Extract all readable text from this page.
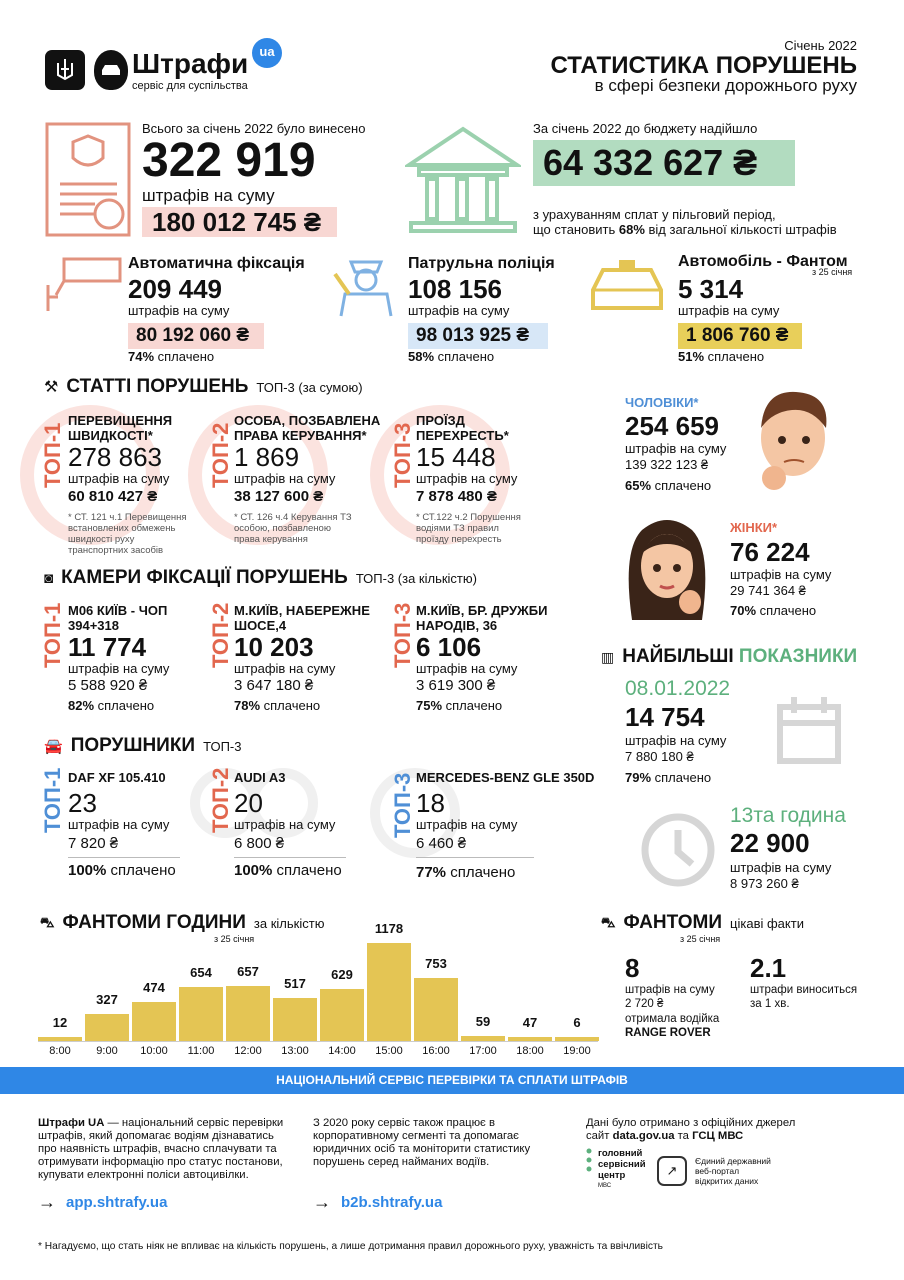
Штрафи ua
сервіс для суспільства
Січень 2022
СТАТИСТИКА ПОРУШЕНЬ
в сфері безпеки дорожнього руху
Всього за січень 2022 було винесено
322 919
штрафів на суму
180 012 745 ₴
За січень 2022 до бюджету надійшло
64 332 627 ₴
з урахуванням сплат у пільговий період,
що становить 68% від загальної кількості штрафів
Автоматична фіксація
209 449
штрафів на суму
80 192 060 ₴
74% сплачено
Патрульна поліція
108 156
штрафів на суму
98 013 925 ₴
58% сплачено
Автомобіль - Фантом
з 25 січня
5 314
штрафів на суму
1 806 760 ₴
51% сплачено
⚒ СТАТТІ ПОРУШЕНЬ ТОП-3 (за сумою)
ТОП-1
ПЕРЕВИЩЕННЯ
ШВИДКОСТІ*
278 863
штрафів на суму
60 810 427 ₴
* СТ. 121 ч.1 Перевищення
встановлених обмежень
швидкості руху
транспортних засобів
ТОП-2
ОСОБА, ПОЗБАВЛЕНА
ПРАВА КЕРУВАННЯ*
1 869
штрафів на суму
38 127 600 ₴
* СТ. 126 ч.4 Керування ТЗ
особою, позбавленою
права керування
ТОП-3
ПРОЇЗД
ПЕРЕХРЕСТЬ*
15 448
штрафів на суму
7 878 480 ₴
* СТ.122 ч.2 Порушення
водіями ТЗ правил
проїзду перехресть
◙ КАМЕРИ ФІКСАЦІЇ ПОРУШЕНЬ ТОП-3 (за кількістю)
ТОП-1 М06 КИЇВ - ЧОП
394+318
11 774
штрафів на суму
5 588 920 ₴
82% сплачено
ТОП-2 М.КИЇВ, НАБЕРЕЖНЕ
ШОСЕ,4
10 203
штрафів на суму
3 647 180 ₴
78% сплачено
ТОП-3 М.КИЇВ, БР. ДРУЖБИ
НАРОДІВ, 36
6 106
штрафів на суму
3 619 300 ₴
75% сплачено
🚘 ПОРУШНИКИ ТОП-3
ТОП-1 DAF XF 105.410
23
штрафів на суму
7 820 ₴
100% сплачено
ТОП-2 AUDI A3
20
штрафів на суму
6 800 ₴
100% сплачено
ТОП-3 MERCEDES-BENZ GLE 350D
18
штрафів на суму
6 460 ₴
77% сплачено
ЧОЛОВІКИ*
254 659
штрафів на суму
139 322 123 ₴
65% сплачено
ЖІНКИ*
76 224
штрафів на суму
29 741 364 ₴
70% сплачено
▥ НАЙБІЛЬШІ ПОКАЗНИКИ
08.01.2022
14 754
штрафів на суму
7 880 180 ₴
79% сплачено
13та година
22 900
штрафів на суму
8 973 260 ₴
⛍ ФАНТОМИ ГОДИНИ за кількістю
з 25 січня
12
8:00
327
9:00
474
10:00
654
11:00
657
12:00
517
13:00
629
14:00
1178
15:00
753
16:00
59
17:00
47
18:00
6
19:00
⛍ ФАНТОМИ цікаві факти
з 25 січня
8
штрафів на суму
2 720 ₴
отримала водійка
RANGE ROVER
2.1
штрафи виноситься
за 1 хв.
НАЦІОНАЛЬНИЙ СЕРВІС ПЕРЕВІРКИ ТА СПЛАТИ ШТРАФІВ
Штрафи UA — національний сервіс перевірки
штрафів, який допомагає водіям дізнаватись
про наявність штрафів, вчасно сплачувати та
отримувати інформацію про статус постанови,
купувати електронні поліси автоцивілки.
→ app.shtrafy.ua
З 2020 року сервіс також працює в
корпоративному сегменті та допомагає
юридичних осіб та моніторити статистику
порушень серед найманих водіїв.
→ b2b.shtrafy.ua
Дані було отримано з офіційних джерел
сайт data.gov.ua та ГСЦ МВС
головний
сервісний
центр
МВС
↗
Єдиний державний
веб-портал
відкритих даних
* Нагадуємо, що стать ніяк не впливає на кількість порушень, а лише дотримання правил дорожнього руху, уважність та ввічливість
